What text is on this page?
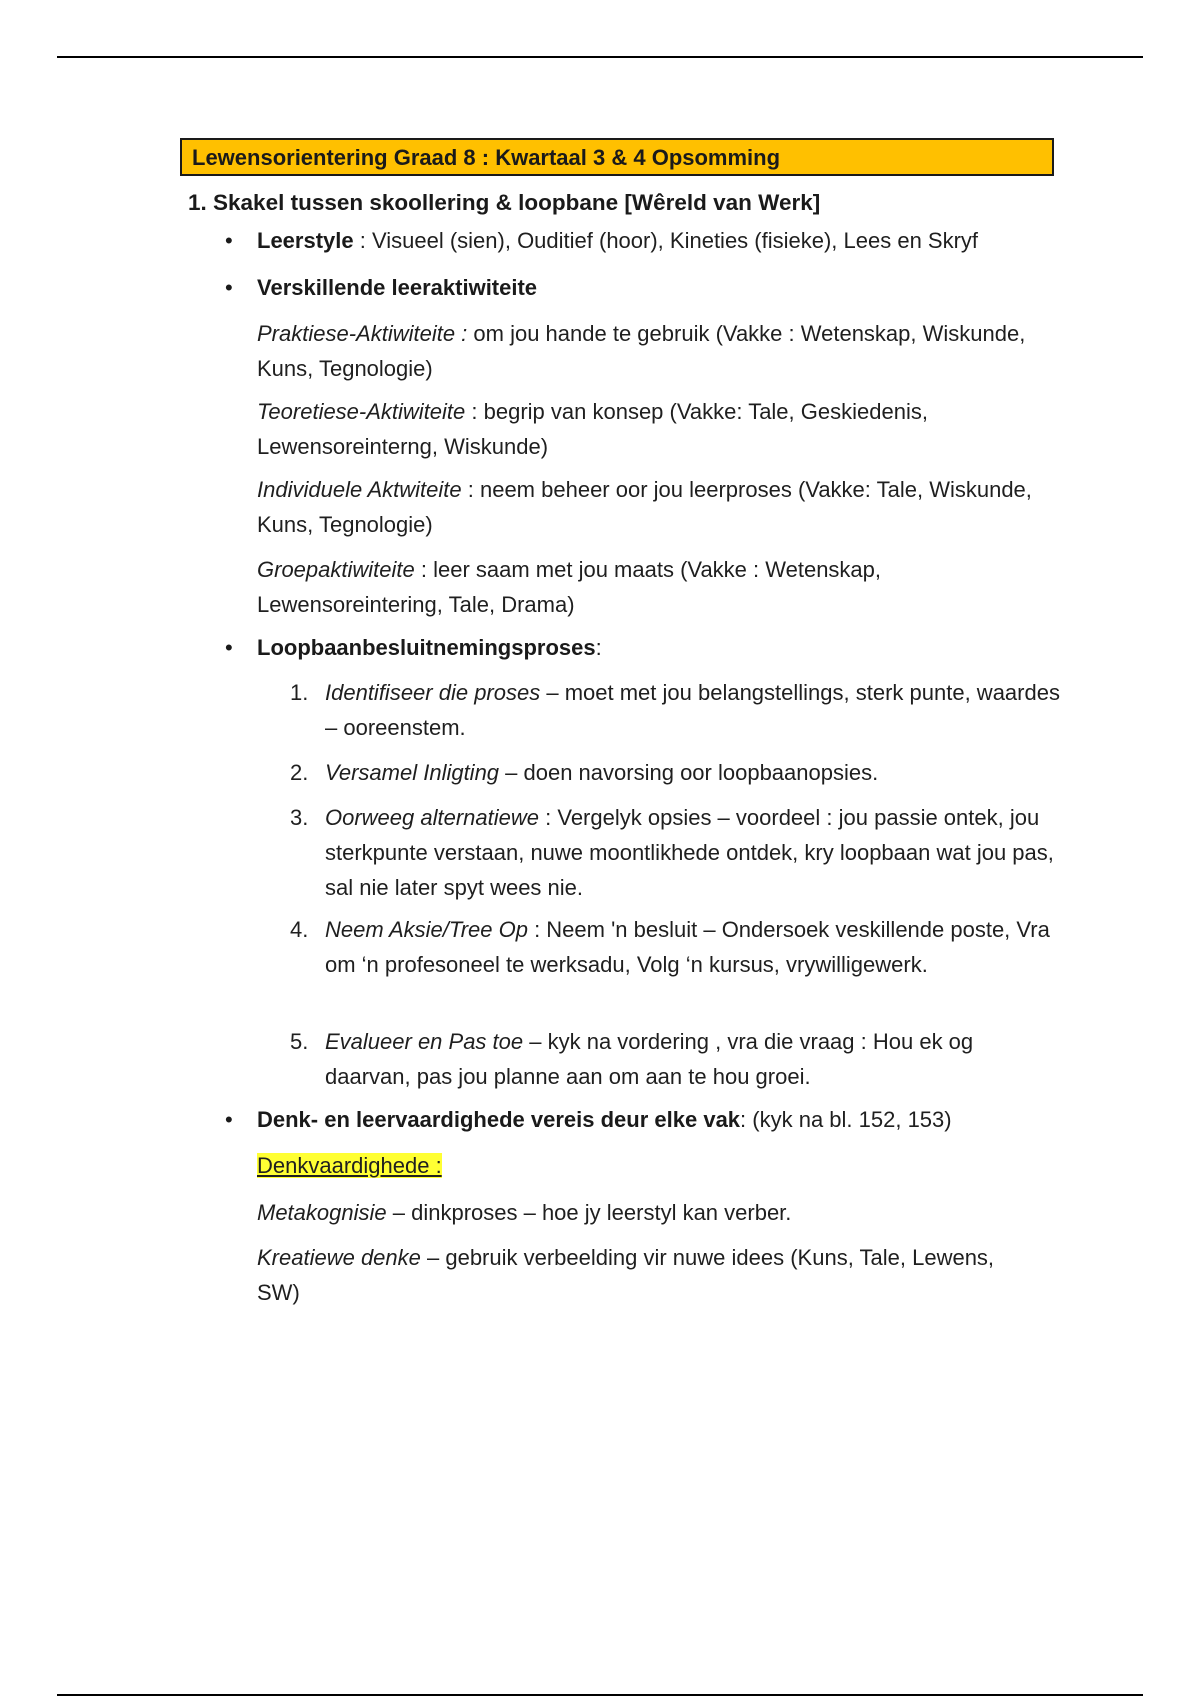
Lewensorientering Graad 8 : Kwartaal 3 & 4 Opsomming
1. Skakel tussen skoollering & loopbane [Wêreld van Werk]
• Leerstyle : Visueel (sien), Ouditief (hoor), Kineties (fisieke), Lees en Skryf
• Verskillende leeraktiwiteite
Praktiese-Aktiwiteite : om jou hande te gebruik (Vakke : Wetenskap, Wiskunde, Kuns, Tegnologie)
Teoretiese-Aktiwiteite : begrip van konsep (Vakke: Tale, Geskiedenis, Lewensoreinterng, Wiskunde)
Individuele Aktwiteite : neem beheer oor jou leerproses (Vakke: Tale, Wiskunde, Kuns, Tegnologie)
Groepaktiwiteite : leer saam met jou maats (Vakke : Wetenskap, Lewensoreintering, Tale, Drama)
• Loopbaanbesluitnemingsproses:
1. Identifiseer die proses – moet met jou belangstellings, sterk punte, waardes – ooreenstem.
2. Versamel Inligting – doen navorsing oor loopbaanopsies.
3. Oorweeg alternatiewe : Vergelyk opsies – voordeel : jou passie ontek, jou sterkpunte verstaan, nuwe moontlikhede ontdek, kry loopbaan wat jou pas, sal nie later spyt wees nie.
4. Neem Aksie/Tree Op : Neem 'n besluit – Ondersoek veskillende poste, Vra om ‘n profesoneel te werksadu, Volg ‘n kursus, vrywilligewerk.
5. Evalueer en Pas toe – kyk na vordering , vra die vraag : Hou ek og daarvan, pas jou planne aan om aan te hou groei.
• Denk- en leervaardighede vereis deur elke vak: (kyk na bl. 152, 153)
Denkvaardighede :
Metakognisie – dinkproses – hoe jy leerstyl kan verber.
Kreatiewe denke – gebruik verbeelding vir nuwe idees (Kuns, Tale, Lewens, SW)
